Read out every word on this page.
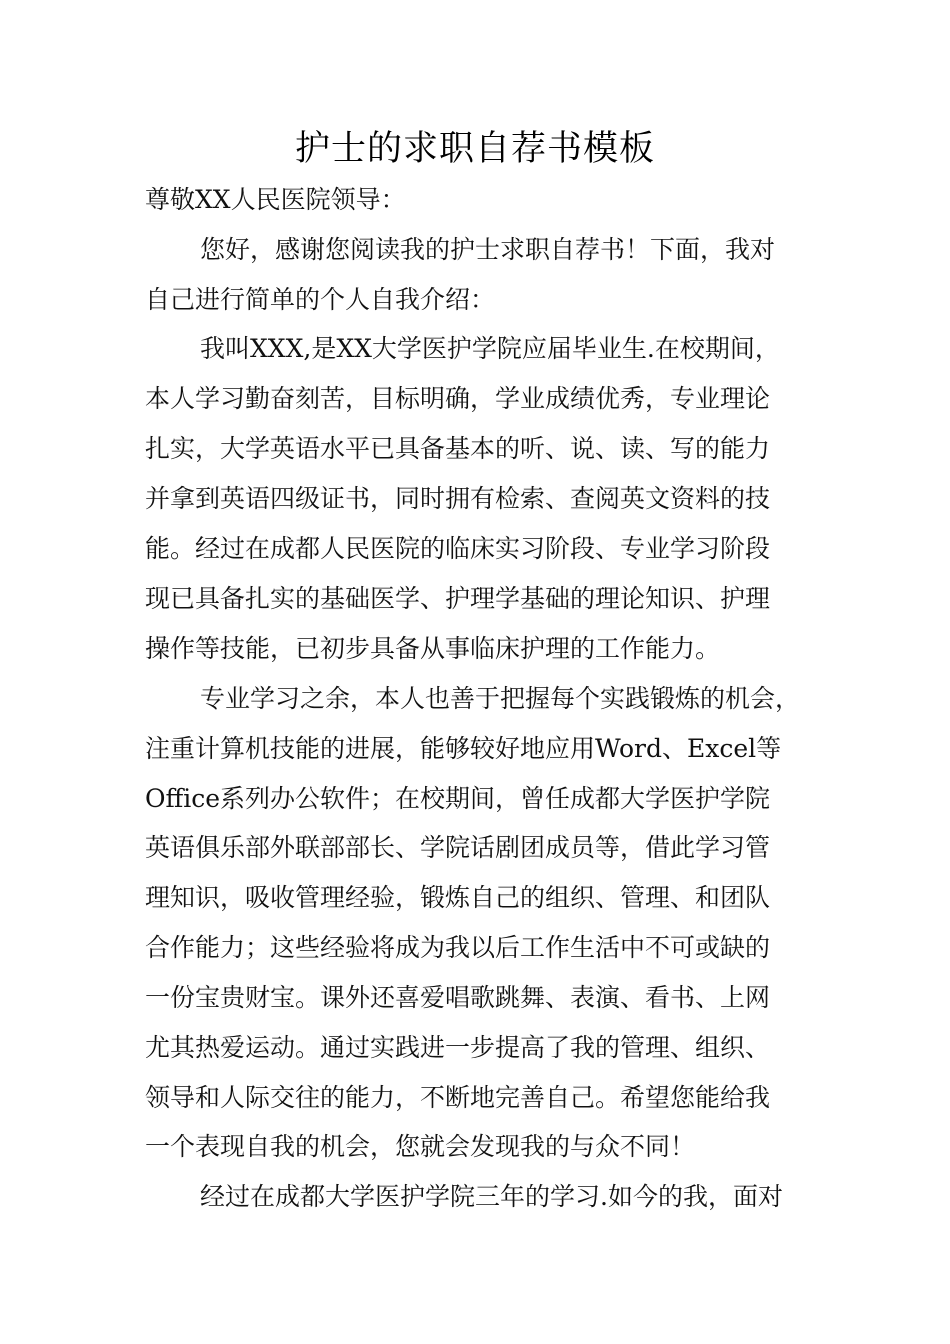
护士的求职自荐书模板
尊敬XX人民医院领导：
您好，感谢您阅读我的护士求职自荐书！下面，我对
自己进行简单的个人自我介绍：
我叫XXX,是XX大学医护学院应届毕业生.在校期间，
本人学习勤奋刻苦，目标明确，学业成绩优秀，专业理论
扎实，大学英语水平已具备基本的听、说、读、写的能力
并拿到英语四级证书，同时拥有检索、查阅英文资料的技
能。经过在成都人民医院的临床实习阶段、专业学习阶段
现已具备扎实的基础医学、护理学基础的理论知识、护理
操作等技能，已初步具备从事临床护理的工作能力。
专业学习之余，本人也善于把握每个实践锻炼的机会，
注重计算机技能的进展，能够较好地应用Word、Excel等
Office系列办公软件；在校期间，曾任成都大学医护学院
英语俱乐部外联部部长、学院话剧团成员等，借此学习管
理知识，吸收管理经验，锻炼自己的组织、管理、和团队
合作能力；这些经验将成为我以后工作生活中不可或缺的
一份宝贵财宝。课外还喜爱唱歌跳舞、表演、看书、上网
尤其热爱运动。通过实践进一步提高了我的管理、组织、
领导和人际交往的能力，不断地完善自己。希望您能给我
一个表现自我的机会，您就会发现我的与众不同！
经过在成都大学医护学院三年的学习.如今的我，面对
